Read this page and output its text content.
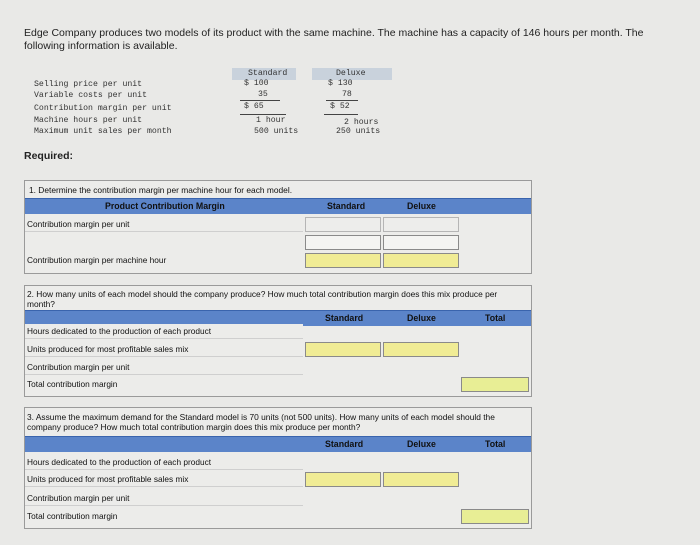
Edge Company produces two models of its product with the same machine. The machine has a capacity of 146 hours per month. The following information is available.
Standard	Deluxe
Selling price per unit	$ 100	$ 130
Variable costs per unit	35	78
Contribution margin per unit	$ 65	$ 52
Machine hours per unit	1 hour	2 hours
Maximum unit sales per month	500 units	250 units
Required:
1. Determine the contribution margin per machine hour for each model.
Product Contribution Margin	Standard	Deluxe
Contribution margin per unit
Contribution margin per machine hour
2. How many units of each model should the company produce? How much total contribution margin does this mix produce per month?
Standard	Deluxe	Total
Hours dedicated to the production of each product
Units produced for most profitable sales mix
Contribution margin per unit
Total contribution margin
3. Assume the maximum demand for the Standard model is 70 units (not 500 units). How many units of each model should the company produce? How much total contribution margin does this mix produce per month?
Standard	Deluxe	Total
Hours dedicated to the production of each product
Units produced for most profitable sales mix
Contribution margin per unit
Total contribution margin
